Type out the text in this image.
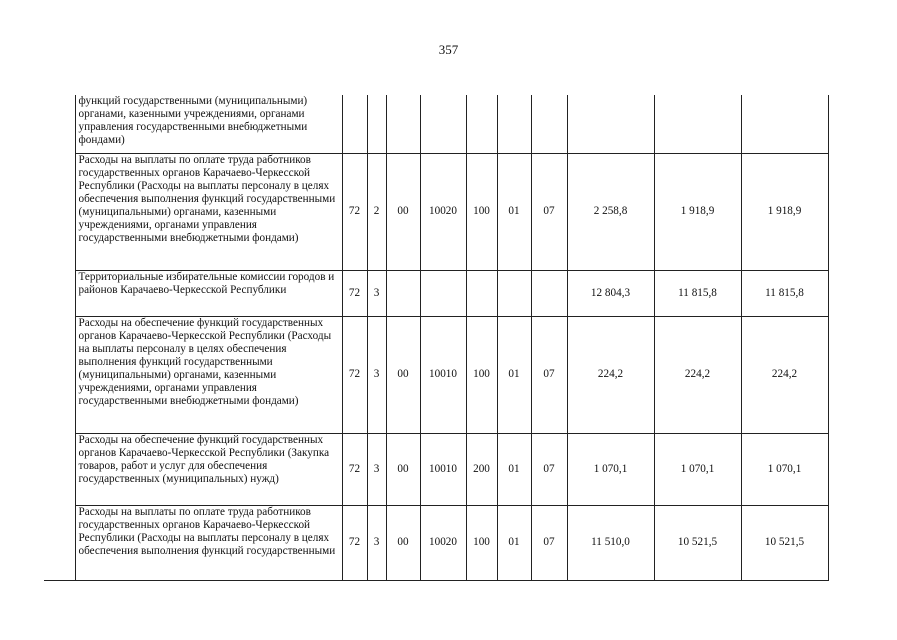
357
	функций государственными (муниципальными) органами, казенными учреждениями, органами управления государственными внебюджетными фондами)										
	Расходы на выплаты по оплате труда работников государственных органов Карачаево-Черкесской Республики (Расходы на выплаты персоналу в целях обеспечения выполнения функций государственными (муниципальными) органами, казенными учреждениями, органами управления государственными внебюджетными фондами)	72	2	00	10020	100	01	07	2 258,8	1 918,9	1 918,9
	Территориальные избирательные комиссии городов и районов Карачаево-Черкесской Республики	72	3						12 804,3	11 815,8	11 815,8
	Расходы на обеспечение функций государственных органов Карачаево-Черкесской Республики (Расходы на выплаты персоналу в целях обеспечения выполнения функций государственными (муниципальными) органами, казенными учреждениями, органами управления государственными внебюджетными фондами)	72	3	00	10010	100	01	07	224,2	224,2	224,2
	Расходы на обеспечение функций государственных органов Карачаево-Черкесской Республики (Закупка товаров, работ и услуг для обеспечения государственных (муниципальных) нужд)	72	3	00	10010	200	01	07	1 070,1	1 070,1	1 070,1
	Расходы на выплаты по оплате труда работников государственных органов Карачаево-Черкесской Республики (Расходы на выплаты персоналу в целях обеспечения выполнения функций государственными	72	3	00	10020	100	01	07	11 510,0	10 521,5	10 521,5
